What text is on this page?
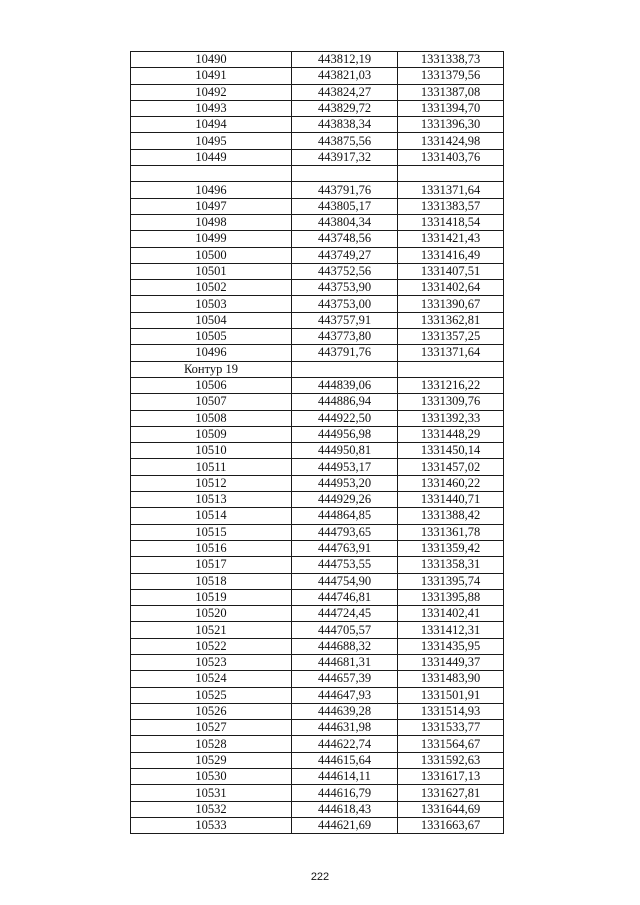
10490	443812,19	1331338,73
10491	443821,03	1331379,56
10492	443824,27	1331387,08
10493	443829,72	1331394,70
10494	443838,34	1331396,30
10495	443875,56	1331424,98
10449	443917,32	1331403,76

10496	443791,76	1331371,64
10497	443805,17	1331383,57
10498	443804,34	1331418,54
10499	443748,56	1331421,43
10500	443749,27	1331416,49
10501	443752,56	1331407,51
10502	443753,90	1331402,64
10503	443753,00	1331390,67
10504	443757,91	1331362,81
10505	443773,80	1331357,25
10496	443791,76	1331371,64
Контур 19		
10506	444839,06	1331216,22
10507	444886,94	1331309,76
10508	444922,50	1331392,33
10509	444956,98	1331448,29
10510	444950,81	1331450,14
10511	444953,17	1331457,02
10512	444953,20	1331460,22
10513	444929,26	1331440,71
10514	444864,85	1331388,42
10515	444793,65	1331361,78
10516	444763,91	1331359,42
10517	444753,55	1331358,31
10518	444754,90	1331395,74
10519	444746,81	1331395,88
10520	444724,45	1331402,41
10521	444705,57	1331412,31
10522	444688,32	1331435,95
10523	444681,31	1331449,37
10524	444657,39	1331483,90
10525	444647,93	1331501,91
10526	444639,28	1331514,93
10527	444631,98	1331533,77
10528	444622,74	1331564,67
10529	444615,64	1331592,63
10530	444614,11	1331617,13
10531	444616,79	1331627,81
10532	444618,43	1331644,69
10533	444621,69	1331663,67
222
